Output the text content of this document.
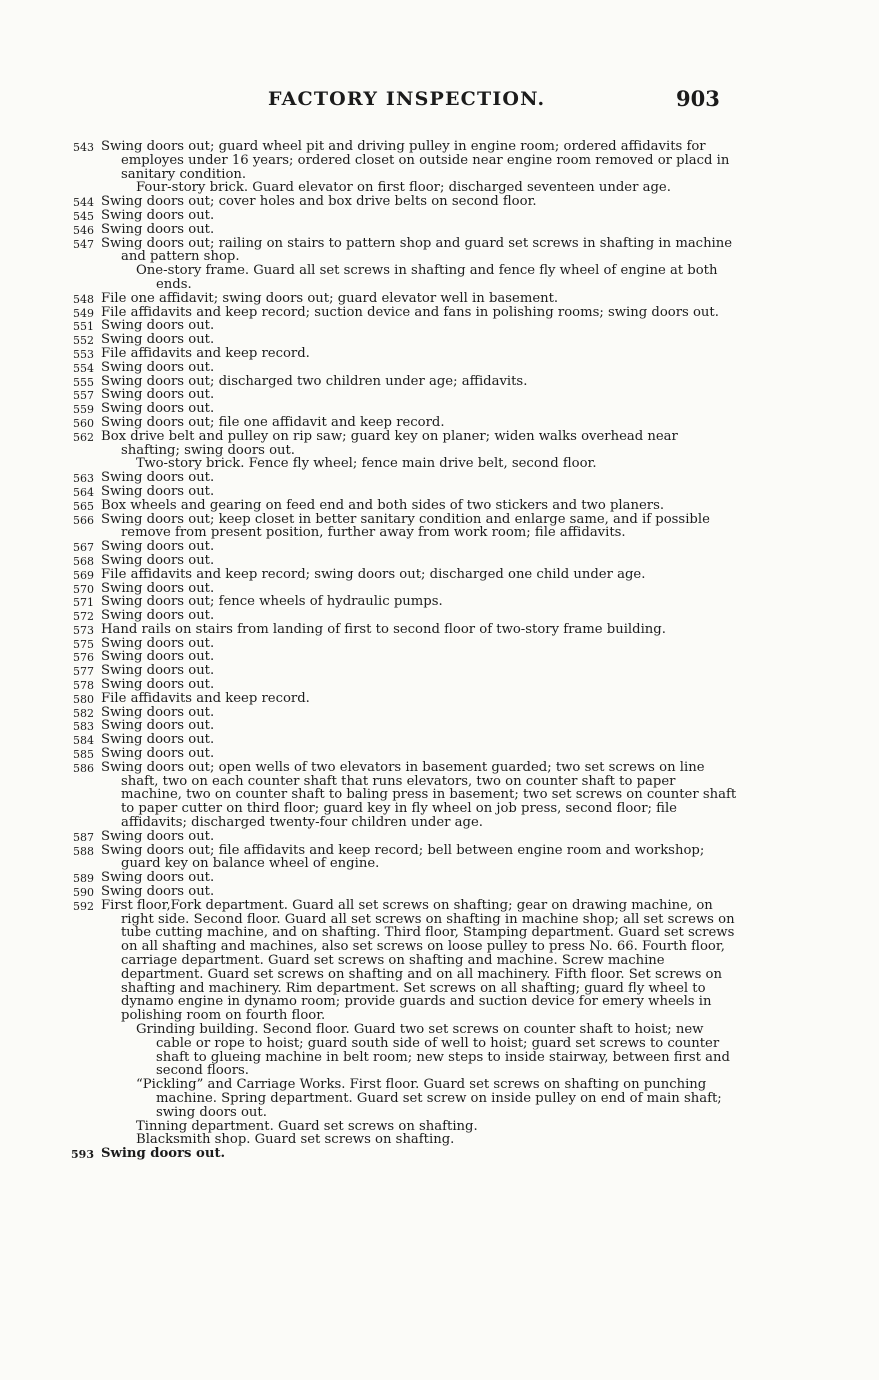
FACTORY INSPECTION.	903
543 Swing doors out; guard wheel pit and driving pulley in engine room; ordered affidavits for employes under 16 years; ordered closet on outside near engine room removed or placd in sanitary condition.
Four-story brick. Guard elevator on first floor; discharged seventeen under age.
544 Swing doors out; cover holes and box drive belts on second floor.
545 Swing doors out.
546 Swing doors out.
547 Swing doors out; railing on stairs to pattern shop and guard set screws in shafting in machine and pattern shop.
One-story frame. Guard all set screws in shafting and fence fly wheel of engine at both ends.
548 File one affidavit; swing doors out; guard elevator well in basement.
549 File affidavits and keep record; suction device and fans in polishing rooms; swing doors out.
551 Swing doors out.
552 Swing doors out.
553 File affidavits and keep record.
554 Swing doors out.
555 Swing doors out; discharged two children under age; affidavits.
557 Swing doors out.
559 Swing doors out.
560 Swing doors out; file one affidavit and keep record.
562 Box drive belt and pulley on rip saw; guard key on planer; widen walks overhead near shafting; swing doors out.
Two-story brick. Fence fly wheel; fence main drive belt, second floor.
563 Swing doors out.
564 Swing doors out.
565 Box wheels and gearing on feed end and both sides of two stickers and two planers.
566 Swing doors out; keep closet in better sanitary condition and enlarge same, and if possible remove from present position, further away from work room; file affidavits.
567 Swing doors out.
568 Swing doors out.
569 File affidavits and keep record; swing doors out; discharged one child under age.
570 Swing doors out.
571 Swing doors out; fence wheels of hydraulic pumps.
572 Swing doors out.
573 Hand rails on stairs from landing of first to second floor of two-story frame building.
575 Swing doors out.
576 Swing doors out.
577 Swing doors out.
578 Swing doors out.
580 File affidavits and keep record.
582 Swing doors out.
583 Swing doors out.
584 Swing doors out.
585 Swing doors out.
586 Swing doors out; open wells of two elevators in basement guarded; two set screws on line shaft, two on each counter shaft that runs elevators, two on counter shaft to paper machine, two on counter shaft to baling press in basement; two set screws on counter shaft to paper cutter on third floor; guard key in fly wheel on job press, second floor; file affidavits; discharged twenty-four children under age.
587 Swing doors out.
588 Swing doors out; file affidavits and keep record; bell between engine room and workshop; guard key on balance wheel of engine.
589 Swing doors out.
590 Swing doors out.
592 First floor,Fork department. Guard all set screws on shafting; gear on drawing machine, on right side. Second floor. Guard all set screws on shafting in machine shop; all set screws on tube cutting machine, and on shafting. Third floor, Stamping department. Guard set screws on all shafting and machines, also set screws on loose pulley to press No. 66. Fourth floor, carriage department. Guard set screws on shafting and machine. Screw machine department. Guard set screws on shafting and on all machinery. Fifth floor. Set screws on shafting and machinery. Rim department. Set screws on all shafting; guard fly wheel to dynamo engine in dynamo room; provide guards and suction device for emery wheels in polishing room on fourth floor.
Grinding building. Second floor. Guard two set screws on counter shaft to hoist; new cable or rope to hoist; guard south side of well to hoist; guard set screws to counter shaft to glueing machine in belt room; new steps to inside stairway, between first and second floors.
“Pickling” and Carriage Works. First floor. Guard set screws on shafting on punching machine. Spring department. Guard set screw on inside pulley on end of main shaft; swing doors out.
Tinning department. Guard set screws on shafting.
Blacksmith shop. Guard set screws on shafting.
593 Swing doors out.
